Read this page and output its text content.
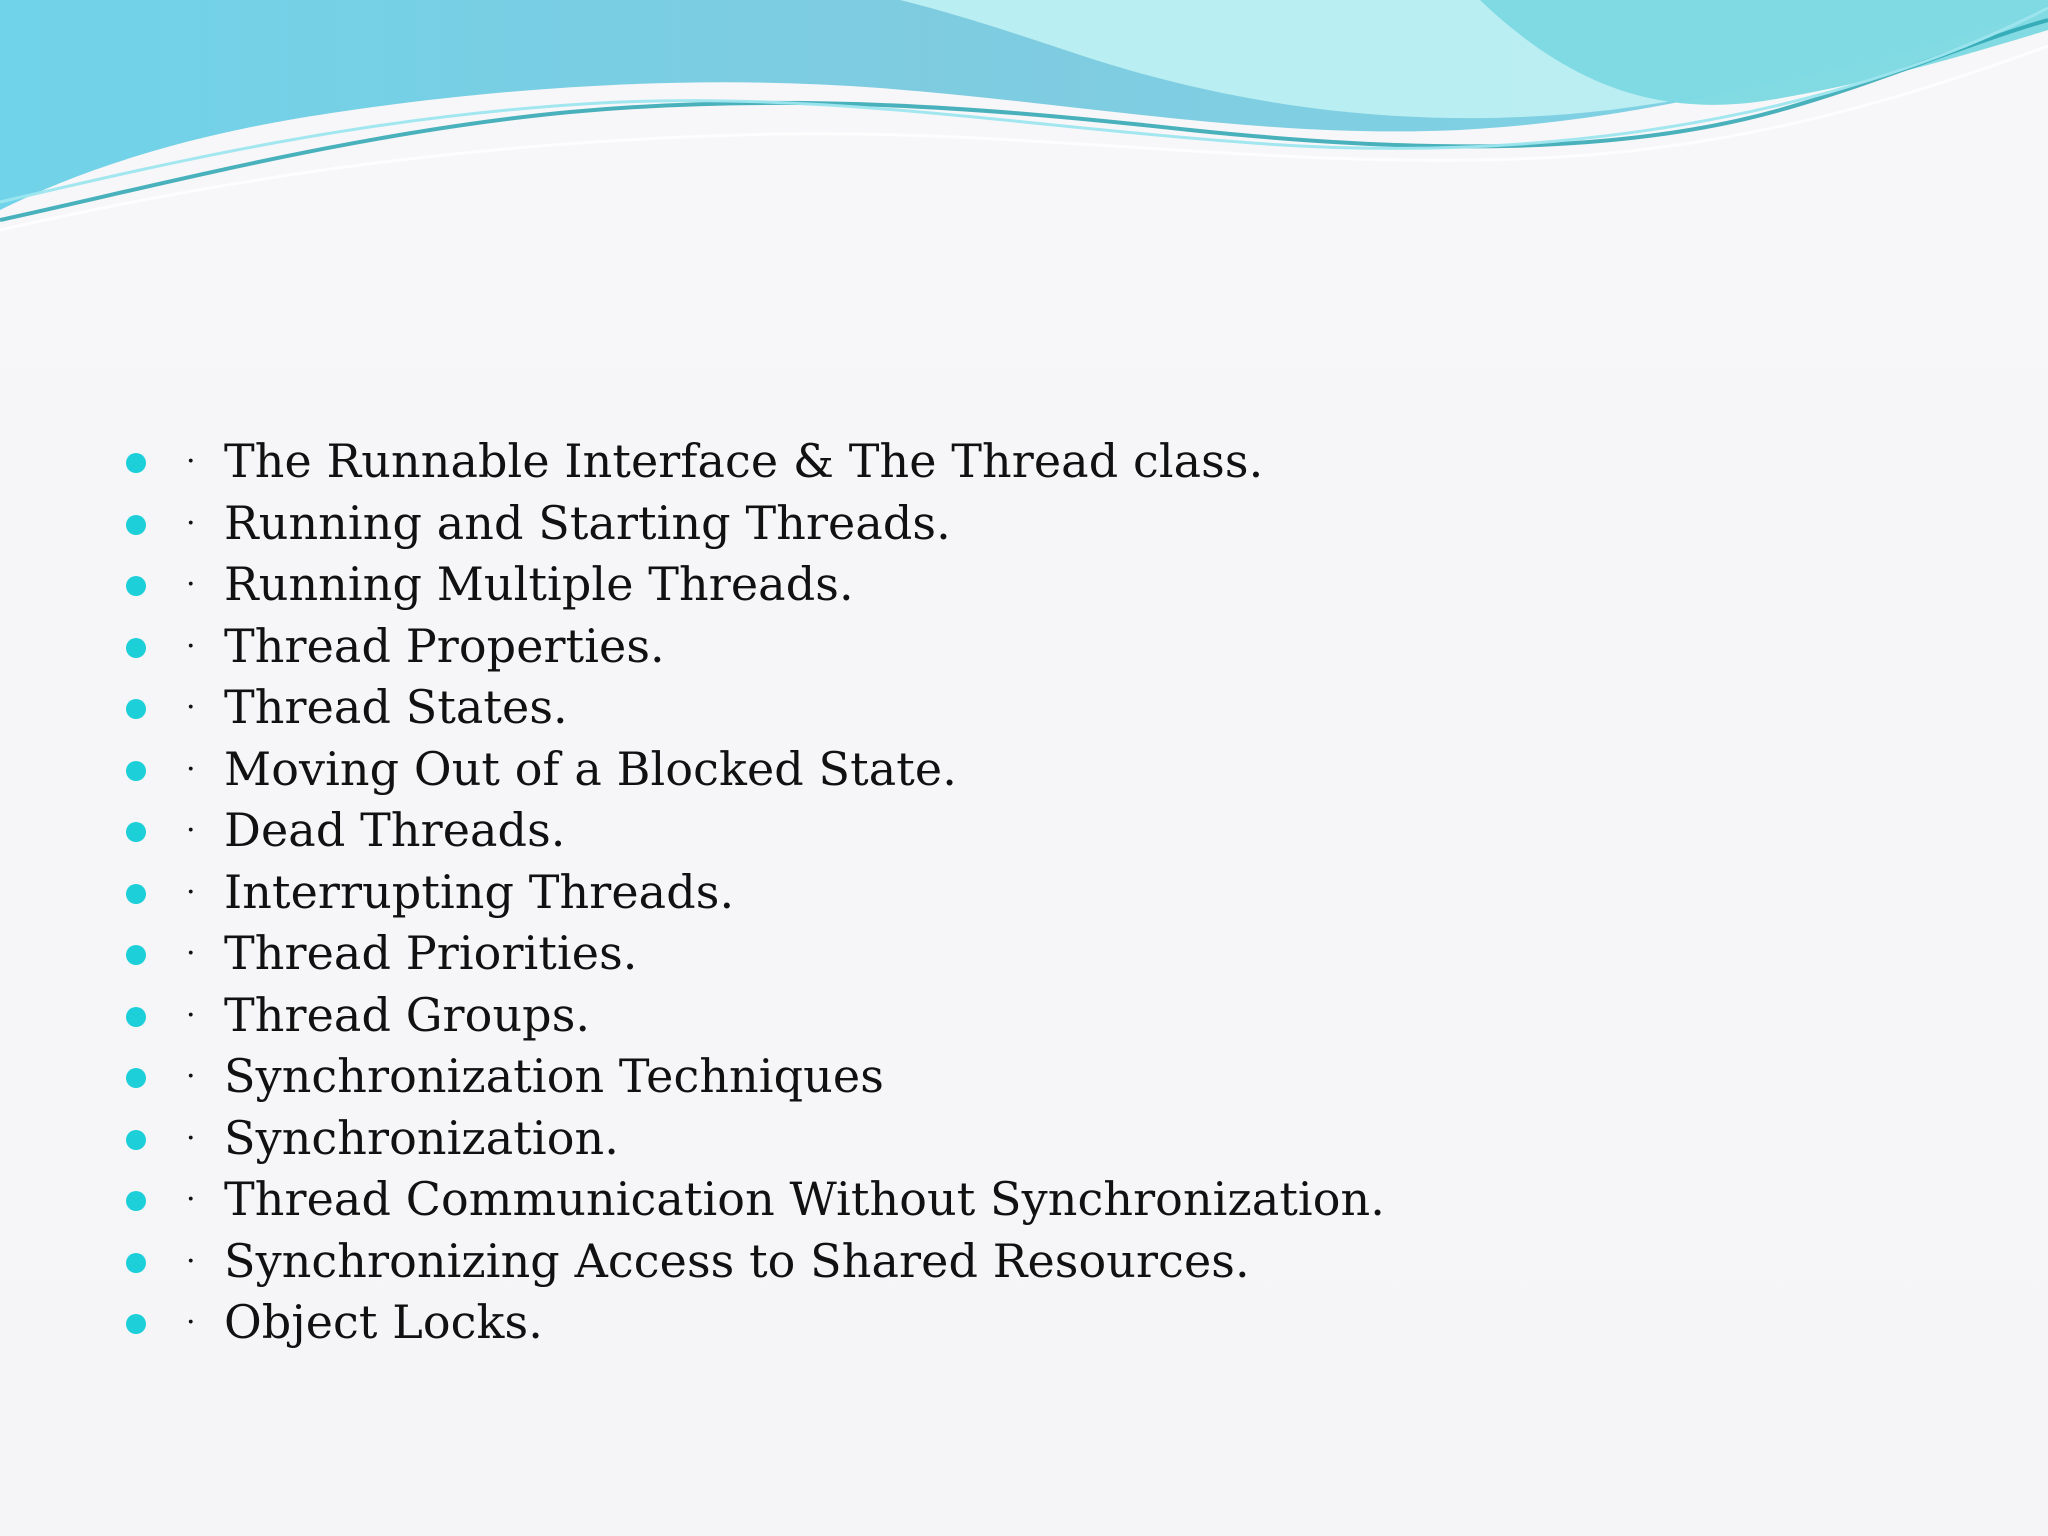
· The Runnable Interface & The Thread class.
· Running and Starting Threads.
· Running Multiple Threads.
· Thread Properties.
· Thread States.
· Moving Out of a Blocked State.
· Dead Threads.
· Interrupting Threads.
· Thread Priorities.
· Thread Groups.
· Synchronization Techniques
· Synchronization.
· Thread Communication Without Synchronization.
· Synchronizing Access to Shared Resources.
· Object Locks.
